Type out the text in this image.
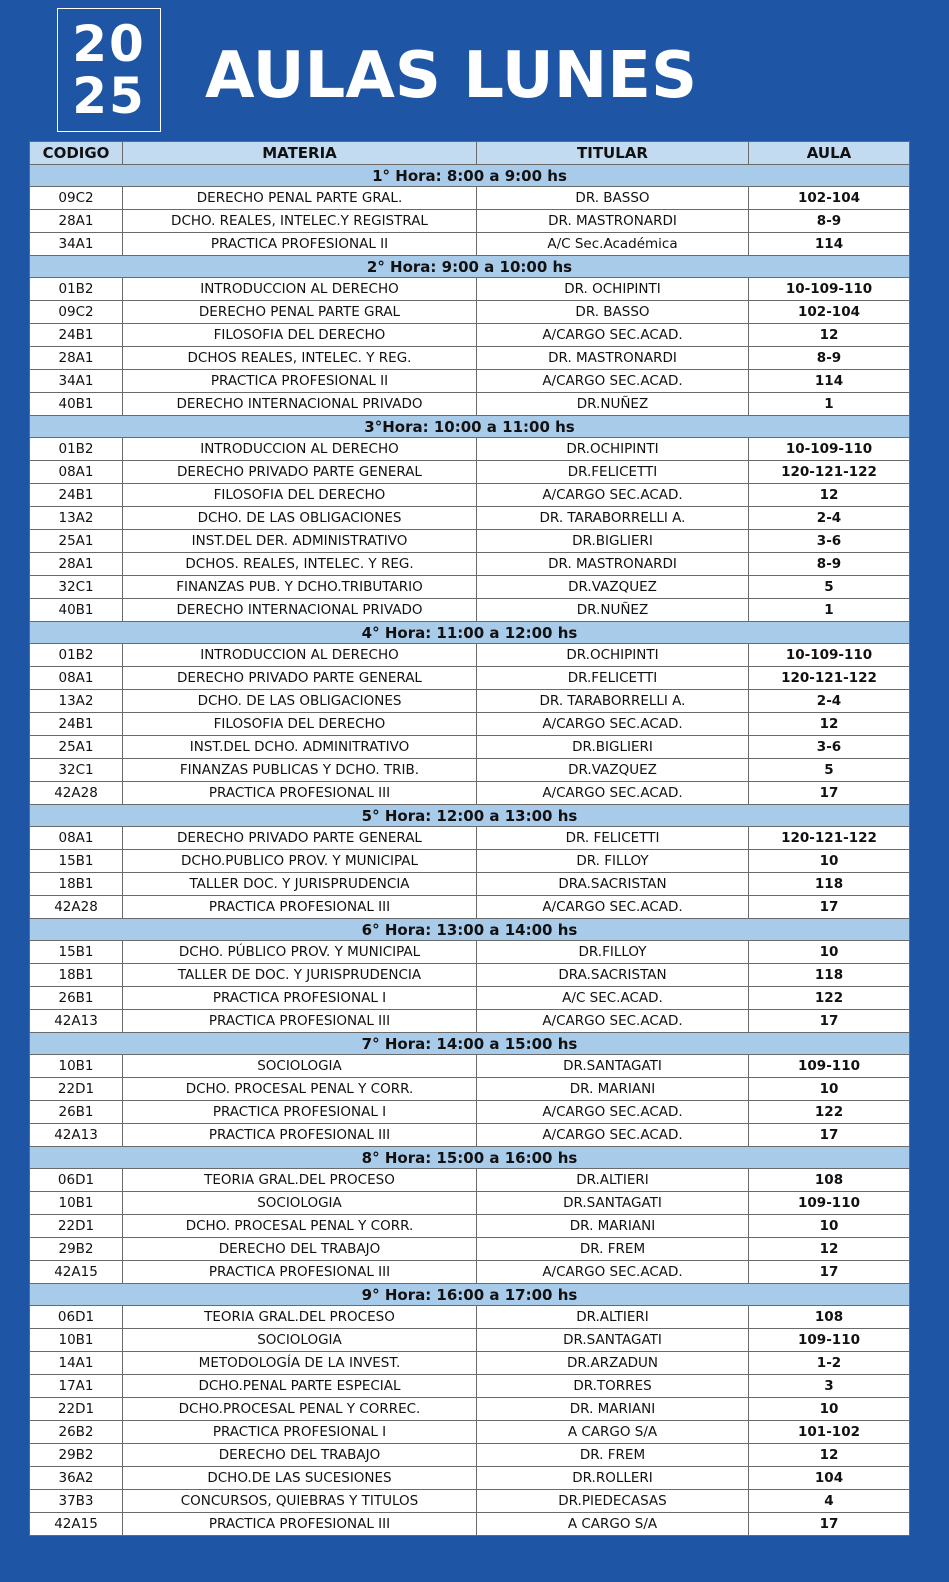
20
25 AULAS LUNES
CODIGO	MATERIA	TITULAR	AULA
1° Hora: 8:00 a 9:00 hs			
09C2	DERECHO PENAL PARTE GRAL.	DR. BASSO	102-104
28A1	DCHO. REALES, INTELEC.Y REGISTRAL	DR. MASTRONARDI	8-9
34A1	PRACTICA PROFESIONAL II	A/C Sec.Académica	114
2° Hora: 9:00 a 10:00 hs			
01B2	INTRODUCCION AL DERECHO	DR. OCHIPINTI	10-109-110
09C2	DERECHO PENAL PARTE GRAL	DR. BASSO	102-104
24B1	FILOSOFIA DEL DERECHO	A/CARGO SEC.ACAD.	12
28A1	DCHOS REALES, INTELEC. Y REG.	DR. MASTRONARDI	8-9
34A1	PRACTICA PROFESIONAL II	A/CARGO SEC.ACAD.	114
40B1	DERECHO INTERNACIONAL PRIVADO	DR.NUÑEZ	1
3°Hora: 10:00 a 11:00 hs			
01B2	INTRODUCCION AL DERECHO	DR.OCHIPINTI	10-109-110
08A1	DERECHO PRIVADO PARTE GENERAL	DR.FELICETTI	120-121-122
24B1	FILOSOFIA DEL DERECHO	A/CARGO SEC.ACAD.	12
13A2	DCHO. DE LAS OBLIGACIONES	DR. TARABORRELLI A.	2-4
25A1	INST.DEL DER. ADMINISTRATIVO	DR.BIGLIERI	3-6
28A1	DCHOS. REALES, INTELEC. Y REG.	DR. MASTRONARDI	8-9
32C1	FINANZAS PUB. Y DCHO.TRIBUTARIO	DR.VAZQUEZ	5
40B1	DERECHO INTERNACIONAL PRIVADO	DR.NUÑEZ	1
4° Hora: 11:00 a 12:00 hs			
01B2	INTRODUCCION AL DERECHO	DR.OCHIPINTI	10-109-110
08A1	DERECHO PRIVADO PARTE GENERAL	DR.FELICETTI	120-121-122
13A2	DCHO. DE LAS OBLIGACIONES	DR. TARABORRELLI A.	2-4
24B1	FILOSOFIA DEL DERECHO	A/CARGO SEC.ACAD.	12
25A1	INST.DEL DCHO. ADMINITRATIVO	DR.BIGLIERI	3-6
32C1	FINANZAS PUBLICAS Y DCHO. TRIB.	DR.VAZQUEZ	5
42A28	PRACTICA PROFESIONAL III	A/CARGO SEC.ACAD.	17
5° Hora: 12:00 a 13:00 hs			
08A1	DERECHO PRIVADO PARTE GENERAL	DR. FELICETTI	120-121-122
15B1	DCHO.PUBLICO PROV. Y MUNICIPAL	DR. FILLOY	10
18B1	TALLER DOC. Y JURISPRUDENCIA	DRA.SACRISTAN	118
42A28	PRACTICA PROFESIONAL III	A/CARGO SEC.ACAD.	17
6° Hora: 13:00 a 14:00 hs			
15B1	DCHO. PÚBLICO PROV. Y MUNICIPAL	DR.FILLOY	10
18B1	TALLER DE DOC. Y JURISPRUDENCIA	DRA.SACRISTAN	118
26B1	PRACTICA PROFESIONAL I	A/C SEC.ACAD.	122
42A13	PRACTICA PROFESIONAL III	A/CARGO SEC.ACAD.	17
7° Hora: 14:00 a 15:00 hs			
10B1	SOCIOLOGIA	DR.SANTAGATI	109-110
22D1	DCHO. PROCESAL PENAL Y CORR.	DR. MARIANI	10
26B1	PRACTICA PROFESIONAL I	A/CARGO SEC.ACAD.	122
42A13	PRACTICA PROFESIONAL III	A/CARGO SEC.ACAD.	17
8° Hora: 15:00 a 16:00 hs			
06D1	TEORIA GRAL.DEL PROCESO	DR.ALTIERI	108
10B1	SOCIOLOGIA	DR.SANTAGATI	109-110
22D1	DCHO. PROCESAL PENAL Y CORR.	DR. MARIANI	10
29B2	DERECHO DEL TRABAJO	DR. FREM	12
42A15	PRACTICA PROFESIONAL III	A/CARGO SEC.ACAD.	17
9° Hora: 16:00 a 17:00 hs			
06D1	TEORIA GRAL.DEL PROCESO	DR.ALTIERI	108
10B1	SOCIOLOGIA	DR.SANTAGATI	109-110
14A1	METODOLOGÍA DE LA INVEST.	DR.ARZADUN	1-2
17A1	DCHO.PENAL PARTE ESPECIAL	DR.TORRES	3
22D1	DCHO.PROCESAL PENAL Y CORREC.	DR. MARIANI	10
26B2	PRACTICA PROFESIONAL I	A CARGO S/A	101-102
29B2	DERECHO DEL TRABAJO	DR. FREM	12
36A2	DCHO.DE LAS SUCESIONES	DR.ROLLERI	104
37B3	CONCURSOS, QUIEBRAS Y TITULOS	DR.PIEDECASAS	4
42A15	PRACTICA PROFESIONAL III	A CARGO S/A	17
